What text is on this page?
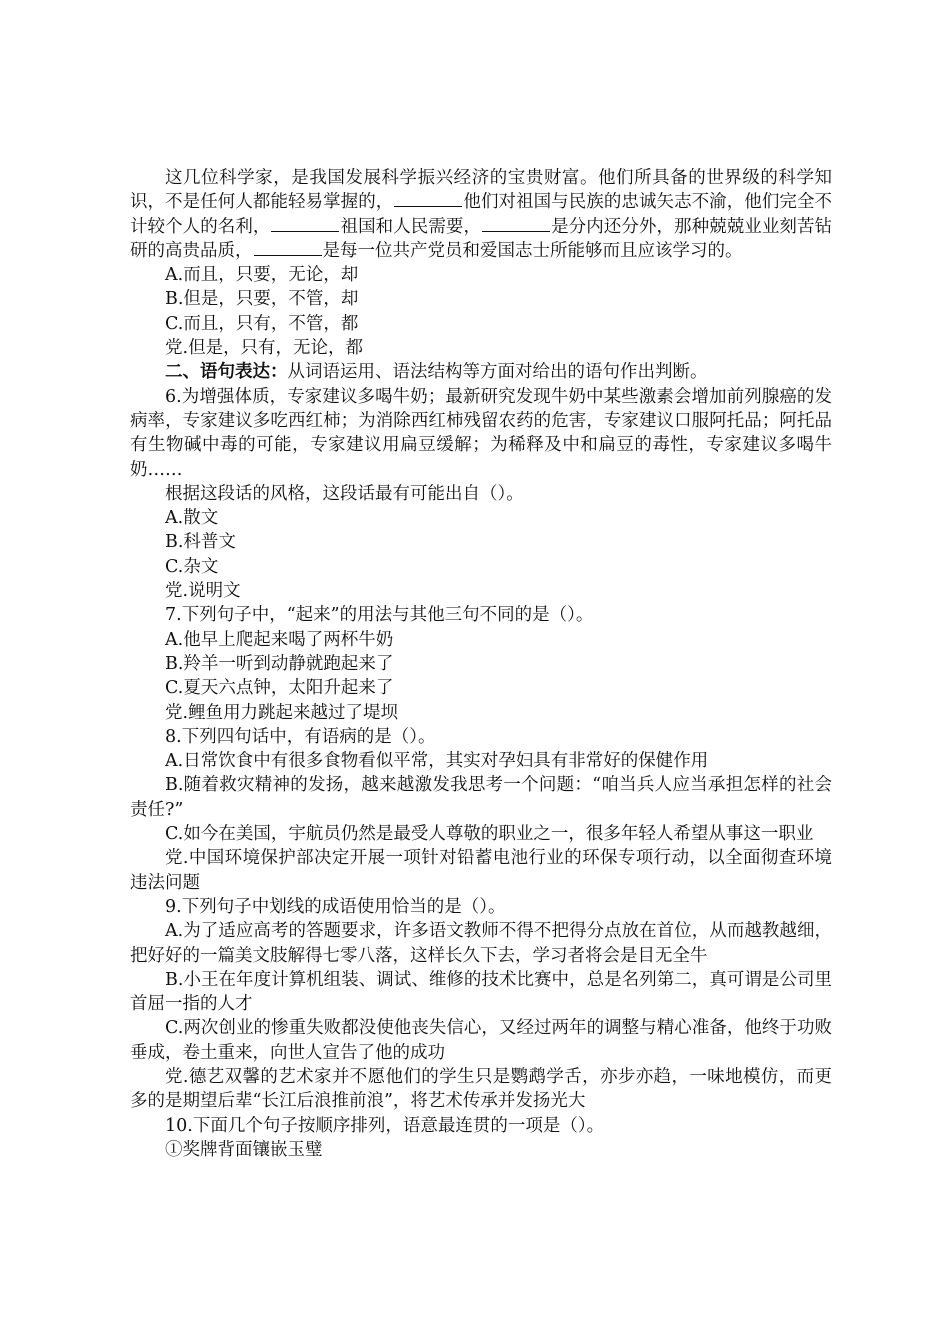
这几位科学家，是我国发展科学振兴经济的宝贵财富。他们所具备的世界级的科学知识，不是任何人都能轻易掌握的，	他们对祖国与民族的忠诚矢志不渝，他们完全不计较个人的名利，	祖国和人民需要，	是分内还分外，那种兢兢业业刻苦钻研的高贵品质，	是每一位共产党员和爱国志士所能够而且应该学习的。

A.而且，只要，无论，却

B.但是，只要，不管，却

C.而且，只有，不管，都

党.但是，只有，无论，都

二、语句表达：从词语运用、语法结构等方面对给出的语句作出判断。

6.为增强体质，专家建议多喝牛奶；最新研究发现牛奶中某些激素会增加前列腺癌的发病率，专家建议多吃西红柿；为消除西红柿残留农药的危害，专家建议口服阿托品；阿托品有生物碱中毒的可能，专家建议用扁豆缓解；为稀释及中和扁豆的毒性，专家建议多喝牛奶……

根据这段话的风格，这段话最有可能出自（）。

A.散文

B.科普文

C.杂文

党.说明文

7.下列句子中，“起来”的用法与其他三句不同的是（）。

A.他早上爬起来喝了两杯牛奶

B.羚羊一听到动静就跑起来了

C.夏天六点钟，太阳升起来了

党.鲤鱼用力跳起来越过了堤坝

8.下列四句话中，有语病的是（）。

A.日常饮食中有很多食物看似平常，其实对孕妇具有非常好的保健作用

B.随着救灾精神的发扬，越来越激发我思考一个问题：“咱当兵人应当承担怎样的社会责任?”

C.如今在美国，宇航员仍然是最受人尊敬的职业之一，很多年轻人希望从事这一职业

党.中国环境保护部决定开展一项针对铅蓄电池行业的环保专项行动，以全面彻查环境违法问题

9.下列句子中划线的成语使用恰当的是（）。

A.为了适应高考的答题要求，许多语文教师不得不把得分点放在首位，从而越教越细，把好好的一篇美文肢解得七零八落，这样长久下去，学习者将会是目无全牛

B.小王在年度计算机组装、调试、维修的技术比赛中，总是名列第二，真可谓是公司里首屈一指的人才

C.两次创业的惨重失败都没使他丧失信心，又经过两年的调整与精心准备，他终于功败垂成，卷土重来，向世人宣告了他的成功

党.德艺双馨的艺术家并不愿他们的学生只是鹦鹉学舌，亦步亦趋，一味地模仿，而更多的是期望后辈“长江后浪推前浪”，将艺术传承并发扬光大

10.下面几个句子按顺序排列，语意最连贯的一项是（）。

①奖牌背面镶嵌玉璧
